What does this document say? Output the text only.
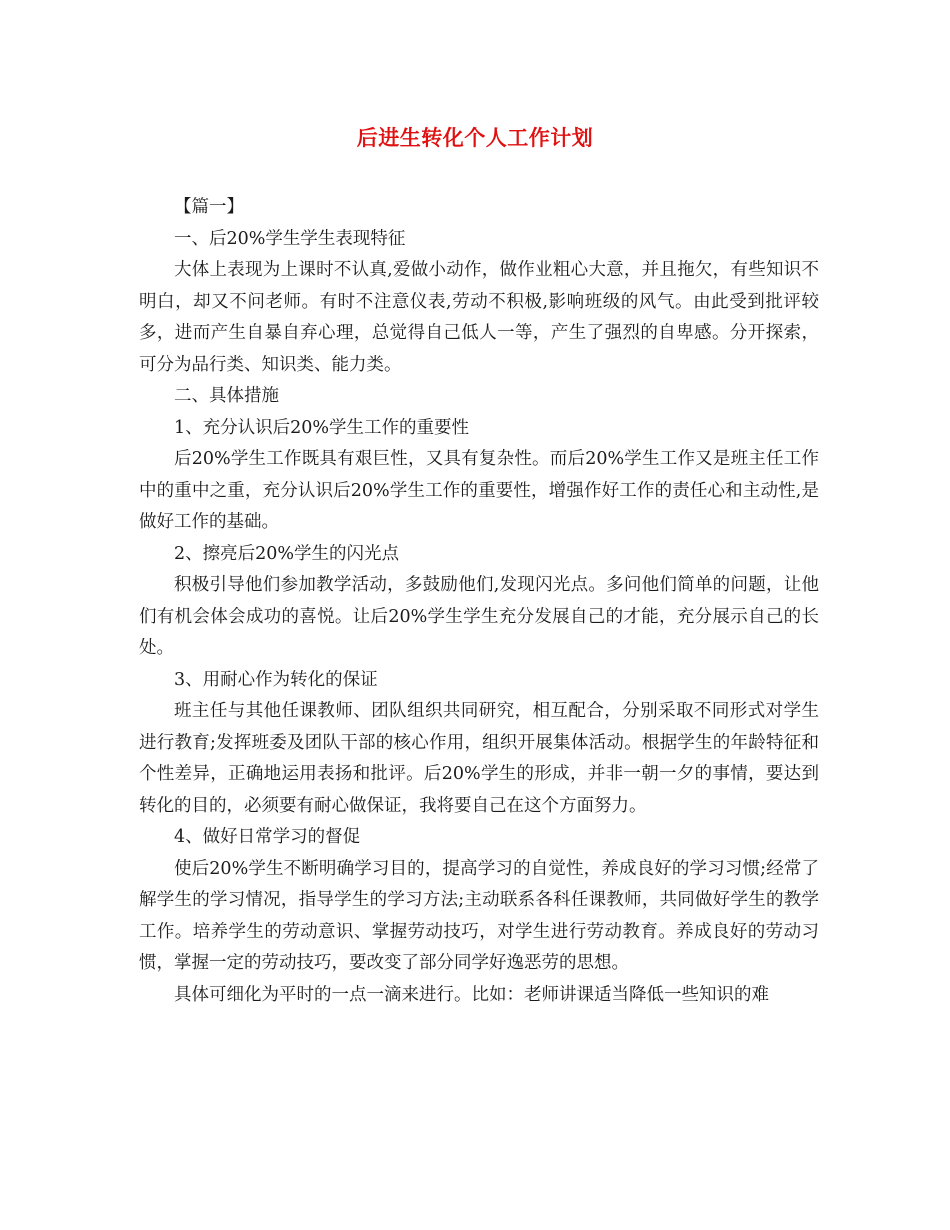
后进生转化个人工作计划

【篇一】

一、后20%学生学生表现特征

大体上表现为上课时不认真,爱做小动作，做作业粗心大意，并且拖欠，有些知识不明白，却又不问老师。有时不注意仪表,劳动不积极,影响班级的风气。由此受到批评较多，进而产生自暴自弃心理，总觉得自己低人一等，产生了强烈的自卑感。分开探索，可分为品行类、知识类、能力类。

二、具体措施

1、充分认识后20%学生工作的重要性

后20%学生工作既具有艰巨性，又具有复杂性。而后20%学生工作又是班主任工作中的重中之重，充分认识后20%学生工作的重要性，增强作好工作的责任心和主动性,是做好工作的基础。

2、擦亮后20%学生的闪光点

积极引导他们参加教学活动，多鼓励他们,发现闪光点。多问他们简单的问题，让他们有机会体会成功的喜悦。让后20%学生学生充分发展自己的才能，充分展示自己的长处。

3、用耐心作为转化的保证

班主任与其他任课教师、团队组织共同研究，相互配合，分别采取不同形式对学生进行教育;发挥班委及团队干部的核心作用，组织开展集体活动。根据学生的年龄特征和个性差异，正确地运用表扬和批评。后20%学生的形成，并非一朝一夕的事情，要达到转化的目的，必须要有耐心做保证，我将要自己在这个方面努力。

4、做好日常学习的督促

使后20%学生不断明确学习目的，提高学习的自觉性，养成良好的学习习惯;经常了解学生的学习情况，指导学生的学习方法;主动联系各科任课教师，共同做好学生的教学工作。培养学生的劳动意识、掌握劳动技巧，对学生进行劳动教育。养成良好的劳动习惯，掌握一定的劳动技巧，要改变了部分同学好逸恶劳的思想。

具体可细化为平时的一点一滴来进行。比如：老师讲课适当降低一些知识的难
